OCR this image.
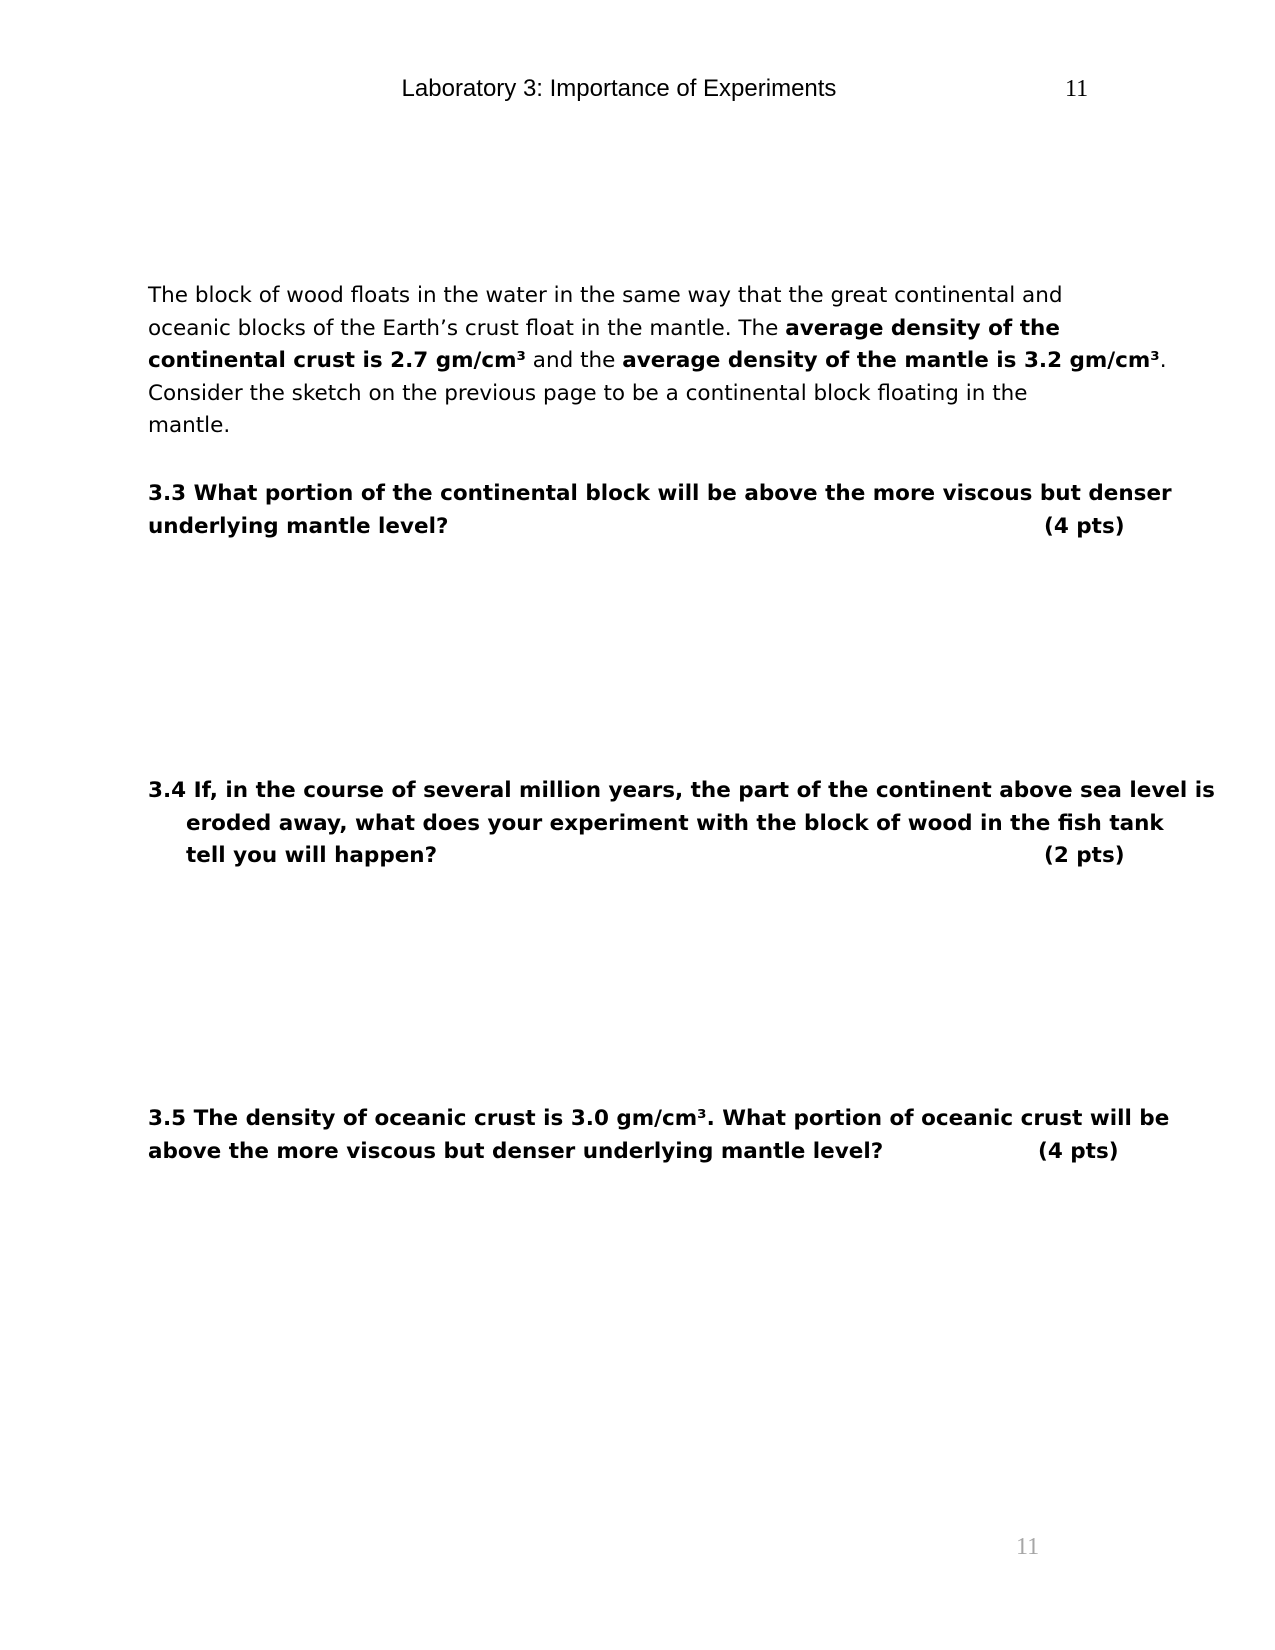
Laboratory 3: Importance of Experiments	11
The block of wood floats in the water in the same way that the great continental and
oceanic blocks of the Earth’s crust float in the mantle. The average density of the
continental crust is 2.7 gm/cm³ and the average density of the mantle is 3.2 gm/cm³.
Consider the sketch on the previous page to be a continental block floating in the
mantle.
3.3 What portion of the continental block will be above the more viscous but denser
underlying mantle level?	(4 pts)
3.4 If, in the course of several million years, the part of the continent above sea level is
eroded away, what does your experiment with the block of wood in the fish tank
tell you will happen?	(2 pts)
3.5 The density of oceanic crust is 3.0 gm/cm³. What portion of oceanic crust will be
above the more viscous but denser underlying mantle level?	(4 pts)
11
